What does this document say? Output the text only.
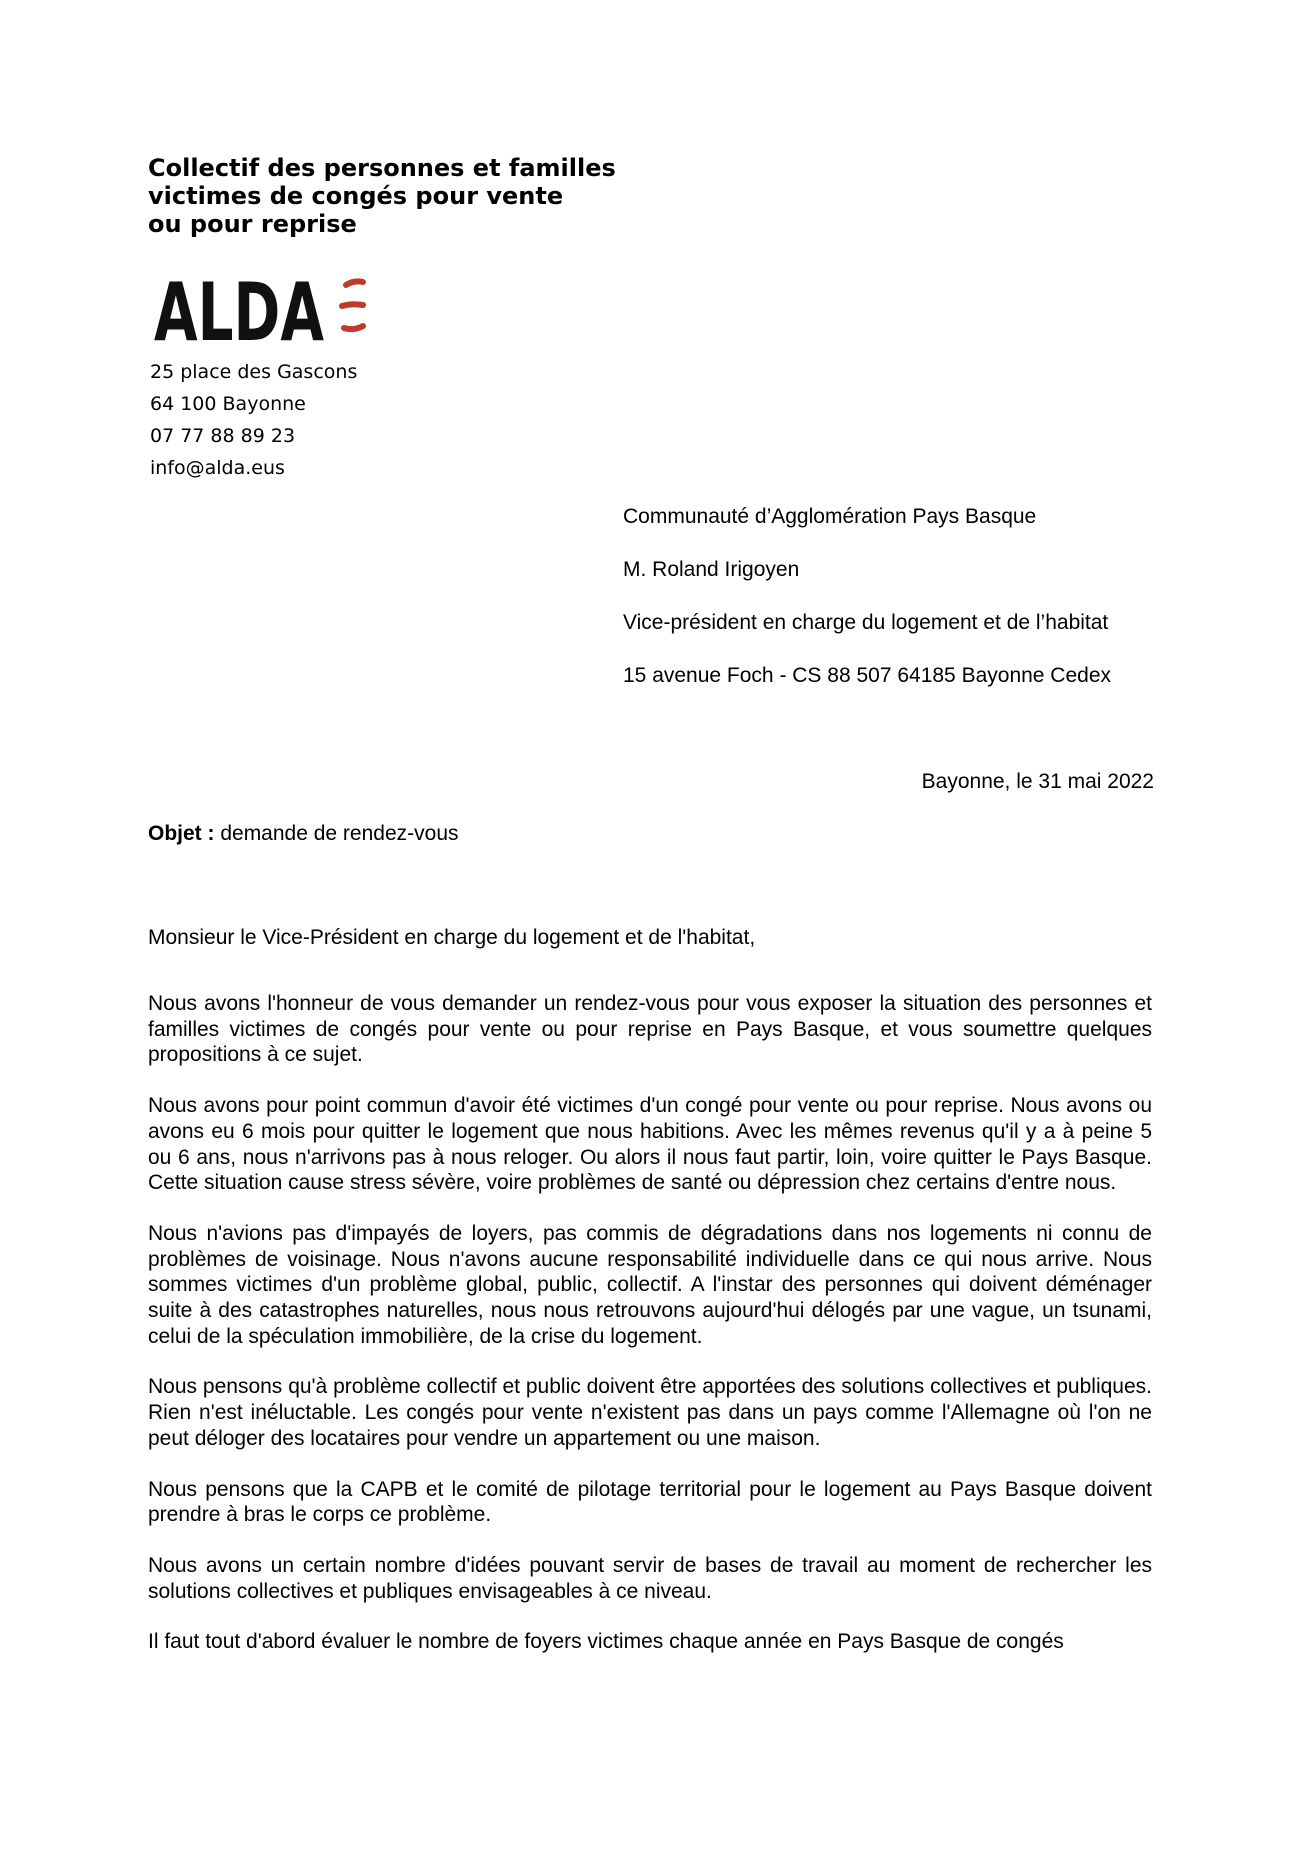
Collectif des personnes et familles
victimes de congés pour vente
ou pour reprise
ALDA
25 place des Gascons
64 100 Bayonne
07 77 88 89 23
info@alda.eus
Communauté d’Agglomération Pays Basque
M. Roland Irigoyen
Vice-président en charge du logement et de l’habitat
15 avenue Foch - CS 88 507 64185 Bayonne Cedex
Bayonne, le 31 mai 2022
Objet : demande de rendez-vous
Monsieur le Vice-Président en charge du logement et de l'habitat,

Nous avons l'honneur de vous demander un rendez-vous pour vous exposer la situation des personnes et familles victimes de congés pour vente ou pour reprise en Pays Basque, et vous soumettre quelques propositions à ce sujet.

Nous avons pour point commun d'avoir été victimes d'un congé pour vente ou pour reprise. Nous avons ou avons eu 6 mois pour quitter le logement que nous habitions. Avec les mêmes revenus qu'il y a à peine 5 ou 6 ans, nous n'arrivons pas à nous reloger. Ou alors il nous faut partir, loin, voire quitter le Pays Basque. Cette situation cause stress sévère, voire problèmes de santé ou dépression chez certains d'entre nous.

Nous n'avions pas d'impayés de loyers, pas commis de dégradations dans nos logements ni connu de problèmes de voisinage. Nous n'avons aucune responsabilité individuelle dans ce qui nous arrive. Nous sommes victimes d'un problème global, public, collectif. A l'instar des personnes qui doivent déménager suite à des catastrophes naturelles, nous nous retrouvons aujourd'hui délogés par une vague, un tsunami, celui de la spéculation immobilière, de la crise du logement.

Nous pensons qu'à problème collectif et public doivent être apportées des solutions collectives et publiques. Rien n'est inéluctable. Les congés pour vente n'existent pas dans un pays comme l'Allemagne où l'on ne peut déloger des locataires pour vendre un appartement ou une maison.

Nous pensons que la CAPB et le comité de pilotage territorial pour le logement au Pays Basque doivent prendre à bras le corps ce problème.

Nous avons un certain nombre d'idées pouvant servir de bases de travail au moment de rechercher les solutions collectives et publiques envisageables à ce niveau.

Il faut tout d'abord évaluer le nombre de foyers victimes chaque année en Pays Basque de congés
